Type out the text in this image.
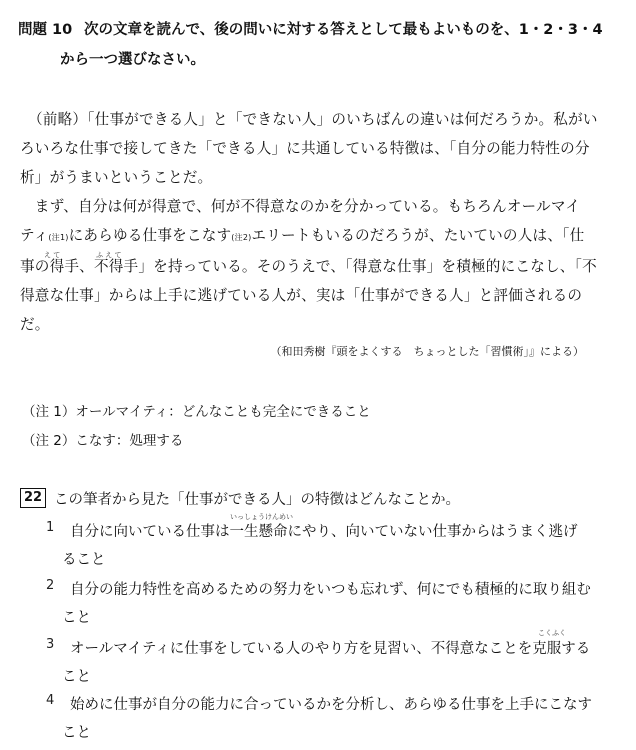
問題 10 次の文章を読んで、後の問いに対する答えとして最もよいものを、1・2・3・4
から一つ選びなさい。
（前略）「仕事ができる人」と「できない人」のいちばんの違いは何だろうか。私がい
ろいろな仕事で接してきた「できる人」に共通している特徴は、「自分の能力特性の分
析」がうまいということだ。
　まず、自分は何が得意で、何が不得意なのかを分かっている。もちろんオールマイ
ティ(注1)にあらゆる仕事をこなす(注2)エリートもいるのだろうが、たいていの人は、「仕
え て	ふ え て
事の得手、不得手」を持っている。そのうえで、「得意な仕事」を積極的にこなし、「不
得意な仕事」からは上手に逃げている人が、実は「仕事ができる人」と評価されるの
だ。
（和田秀樹『頭をよくする　ちょっとした「習慣術」』による）
（注 1）オールマイティ：どんなことも完全にできること
（注 2）こなす：処理する
22 この筆者から見た「仕事ができる人」の特徴はどんなことか。
1
いっしょうけんめい
自分に向いている仕事は一生懸命にやり、向いていない仕事からはうまく逃げ
ること
2 自分の能力特性を高めるための努力をいつも忘れず、何にでも積極的に取り組む
こと
3
こくふく
オールマイティに仕事をしている人のやり方を見習い、不得意なことを克服する
こと
4 始めに仕事が自分の能力に合っているかを分析し、あらゆる仕事を上手にこなす
こと
